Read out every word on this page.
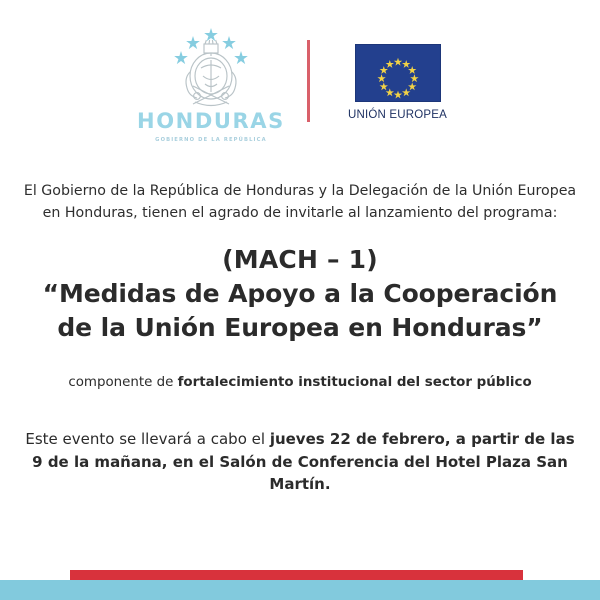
HONDURAS
GOBIERNO DE LA REPÚBLICA
UNIÓN EUROPEA
El Gobierno de la República de Honduras y la Delegación de la Unión Europea en Honduras, tienen el agrado de invitarle al lanzamiento del programa:
(MACH – 1)
“Medidas de Apoyo a la Cooperación de la Unión Europea en Honduras”
componente de fortalecimiento institucional del sector público
Este evento se llevará a cabo el jueves 22 de febrero, a partir de las 9 de la mañana, en el Salón de Conferencia del Hotel Plaza San Martín.
